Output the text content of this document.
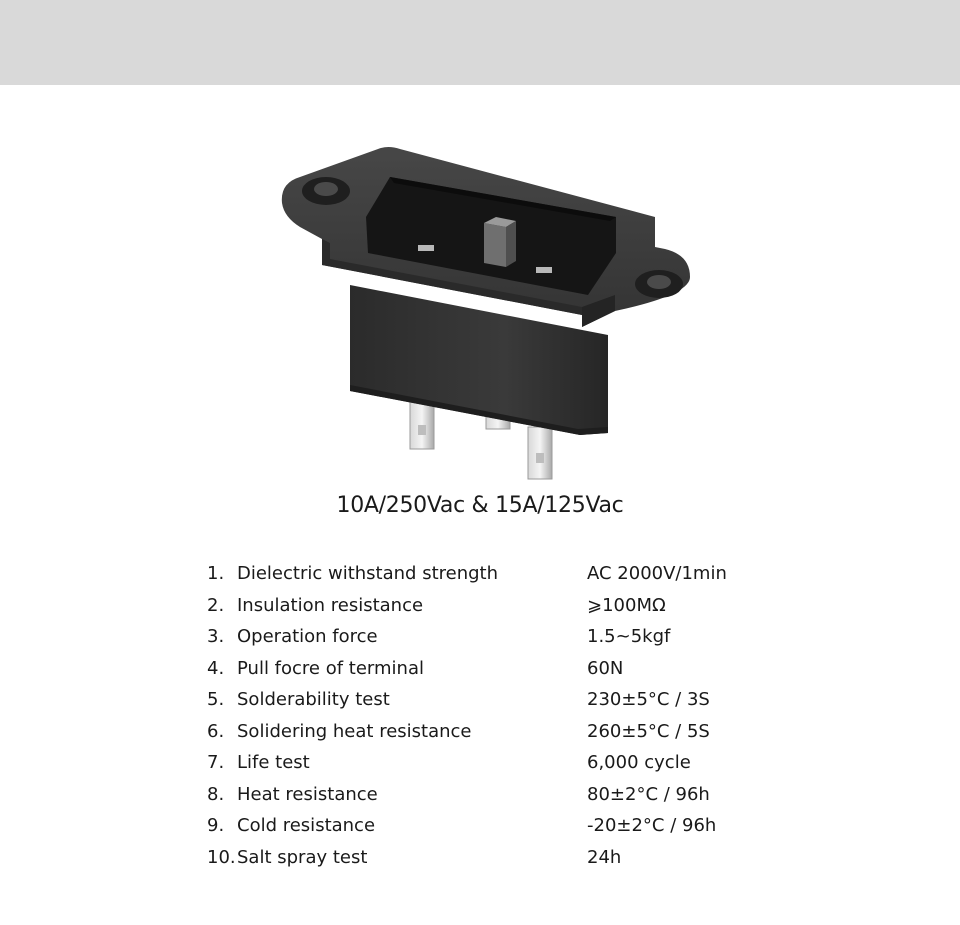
10A/250Vac & 15A/125Vac
1. Dielectric withstand strength	AC 2000V/1min
2. Insulation resistance	⩾100MΩ
3. Operation force	1.5~5kgf
4. Pull focre of terminal	60N
5. Solderability test	230±5°C / 3S
6. Solidering heat resistance	260±5°C / 5S
7. Life test	6,000 cycle
8. Heat resistance	80±2°C / 96h
9. Cold resistance	-20±2°C / 96h
10. Salt spray test	24h
